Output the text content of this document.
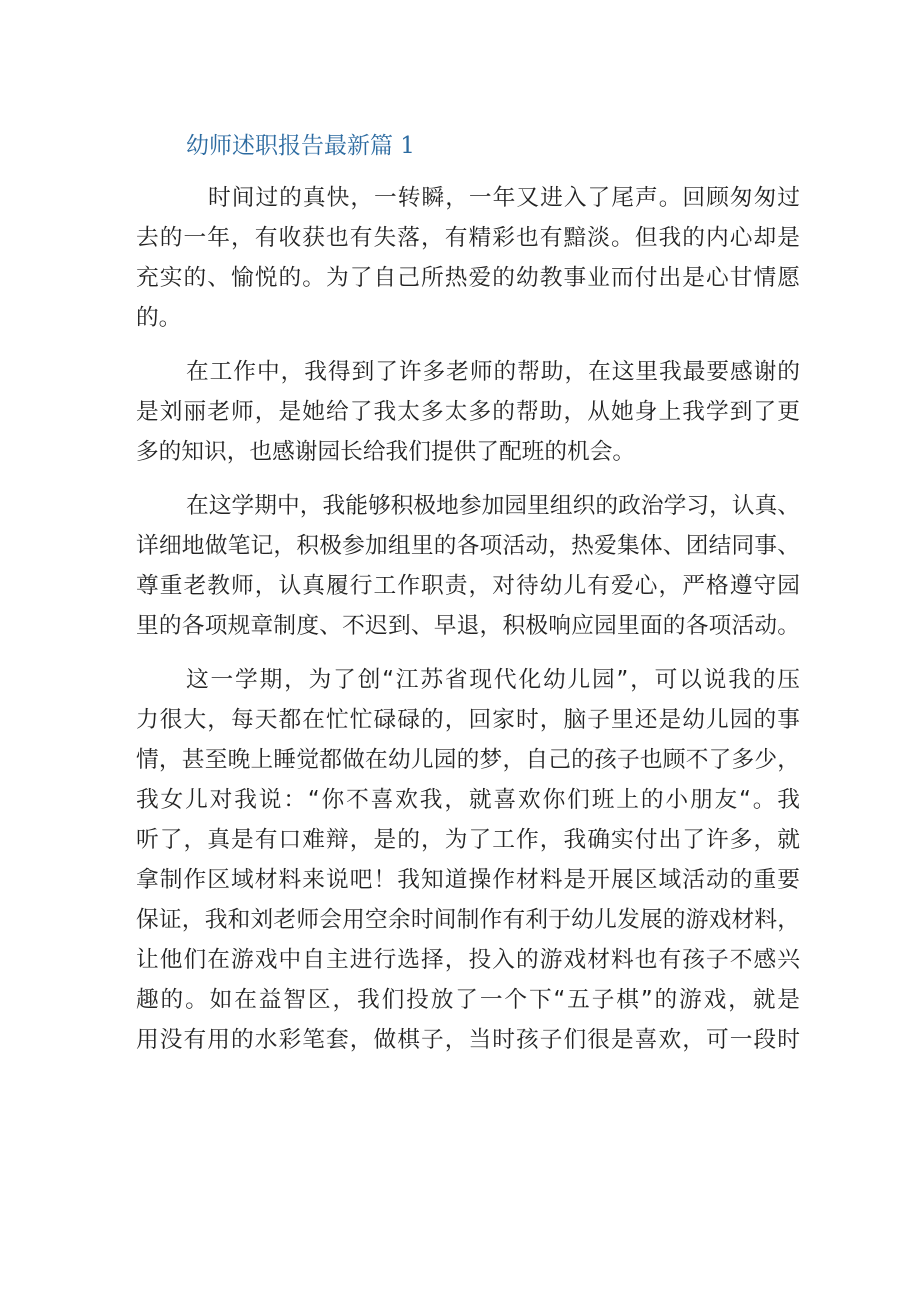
幼师述职报告最新篇 1
时间过的真快，一转瞬，一年又进入了尾声。回顾匆匆过
去的一年，有收获也有失落，有精彩也有黯淡。但我的内心却是
充实的、愉悦的。为了自己所热爱的幼教事业而付出是心甘情愿
的。
在工作中，我得到了许多老师的帮助，在这里我最要感谢的
是刘丽老师，是她给了我太多太多的帮助，从她身上我学到了更
多的知识，也感谢园长给我们提供了配班的机会。
在这学期中，我能够积极地参加园里组织的政治学习，认真、
详细地做笔记，积极参加组里的各项活动，热爱集体、团结同事、
尊重老教师，认真履行工作职责，对待幼儿有爱心，严格遵守园
里的各项规章制度、不迟到、早退，积极响应园里面的各项活动。
这一学期，为了创“江苏省现代化幼儿园”，可以说我的压
力很大，每天都在忙忙碌碌的，回家时，脑子里还是幼儿园的事
情，甚至晚上睡觉都做在幼儿园的梦，自己的孩子也顾不了多少，
我女儿对我说：“你不喜欢我，就喜欢你们班上的小朋友“。我
听了，真是有口难辩，是的，为了工作，我确实付出了许多，就
拿制作区域材料来说吧！我知道操作材料是开展区域活动的重要
保证，我和刘老师会用空余时间制作有利于幼儿发展的游戏材料，
让他们在游戏中自主进行选择，投入的游戏材料也有孩子不感兴
趣的。如在益智区，我们投放了一个下“五子棋”的游戏，就是
用没有用的水彩笔套，做棋子，当时孩子们很是喜欢，可一段时
